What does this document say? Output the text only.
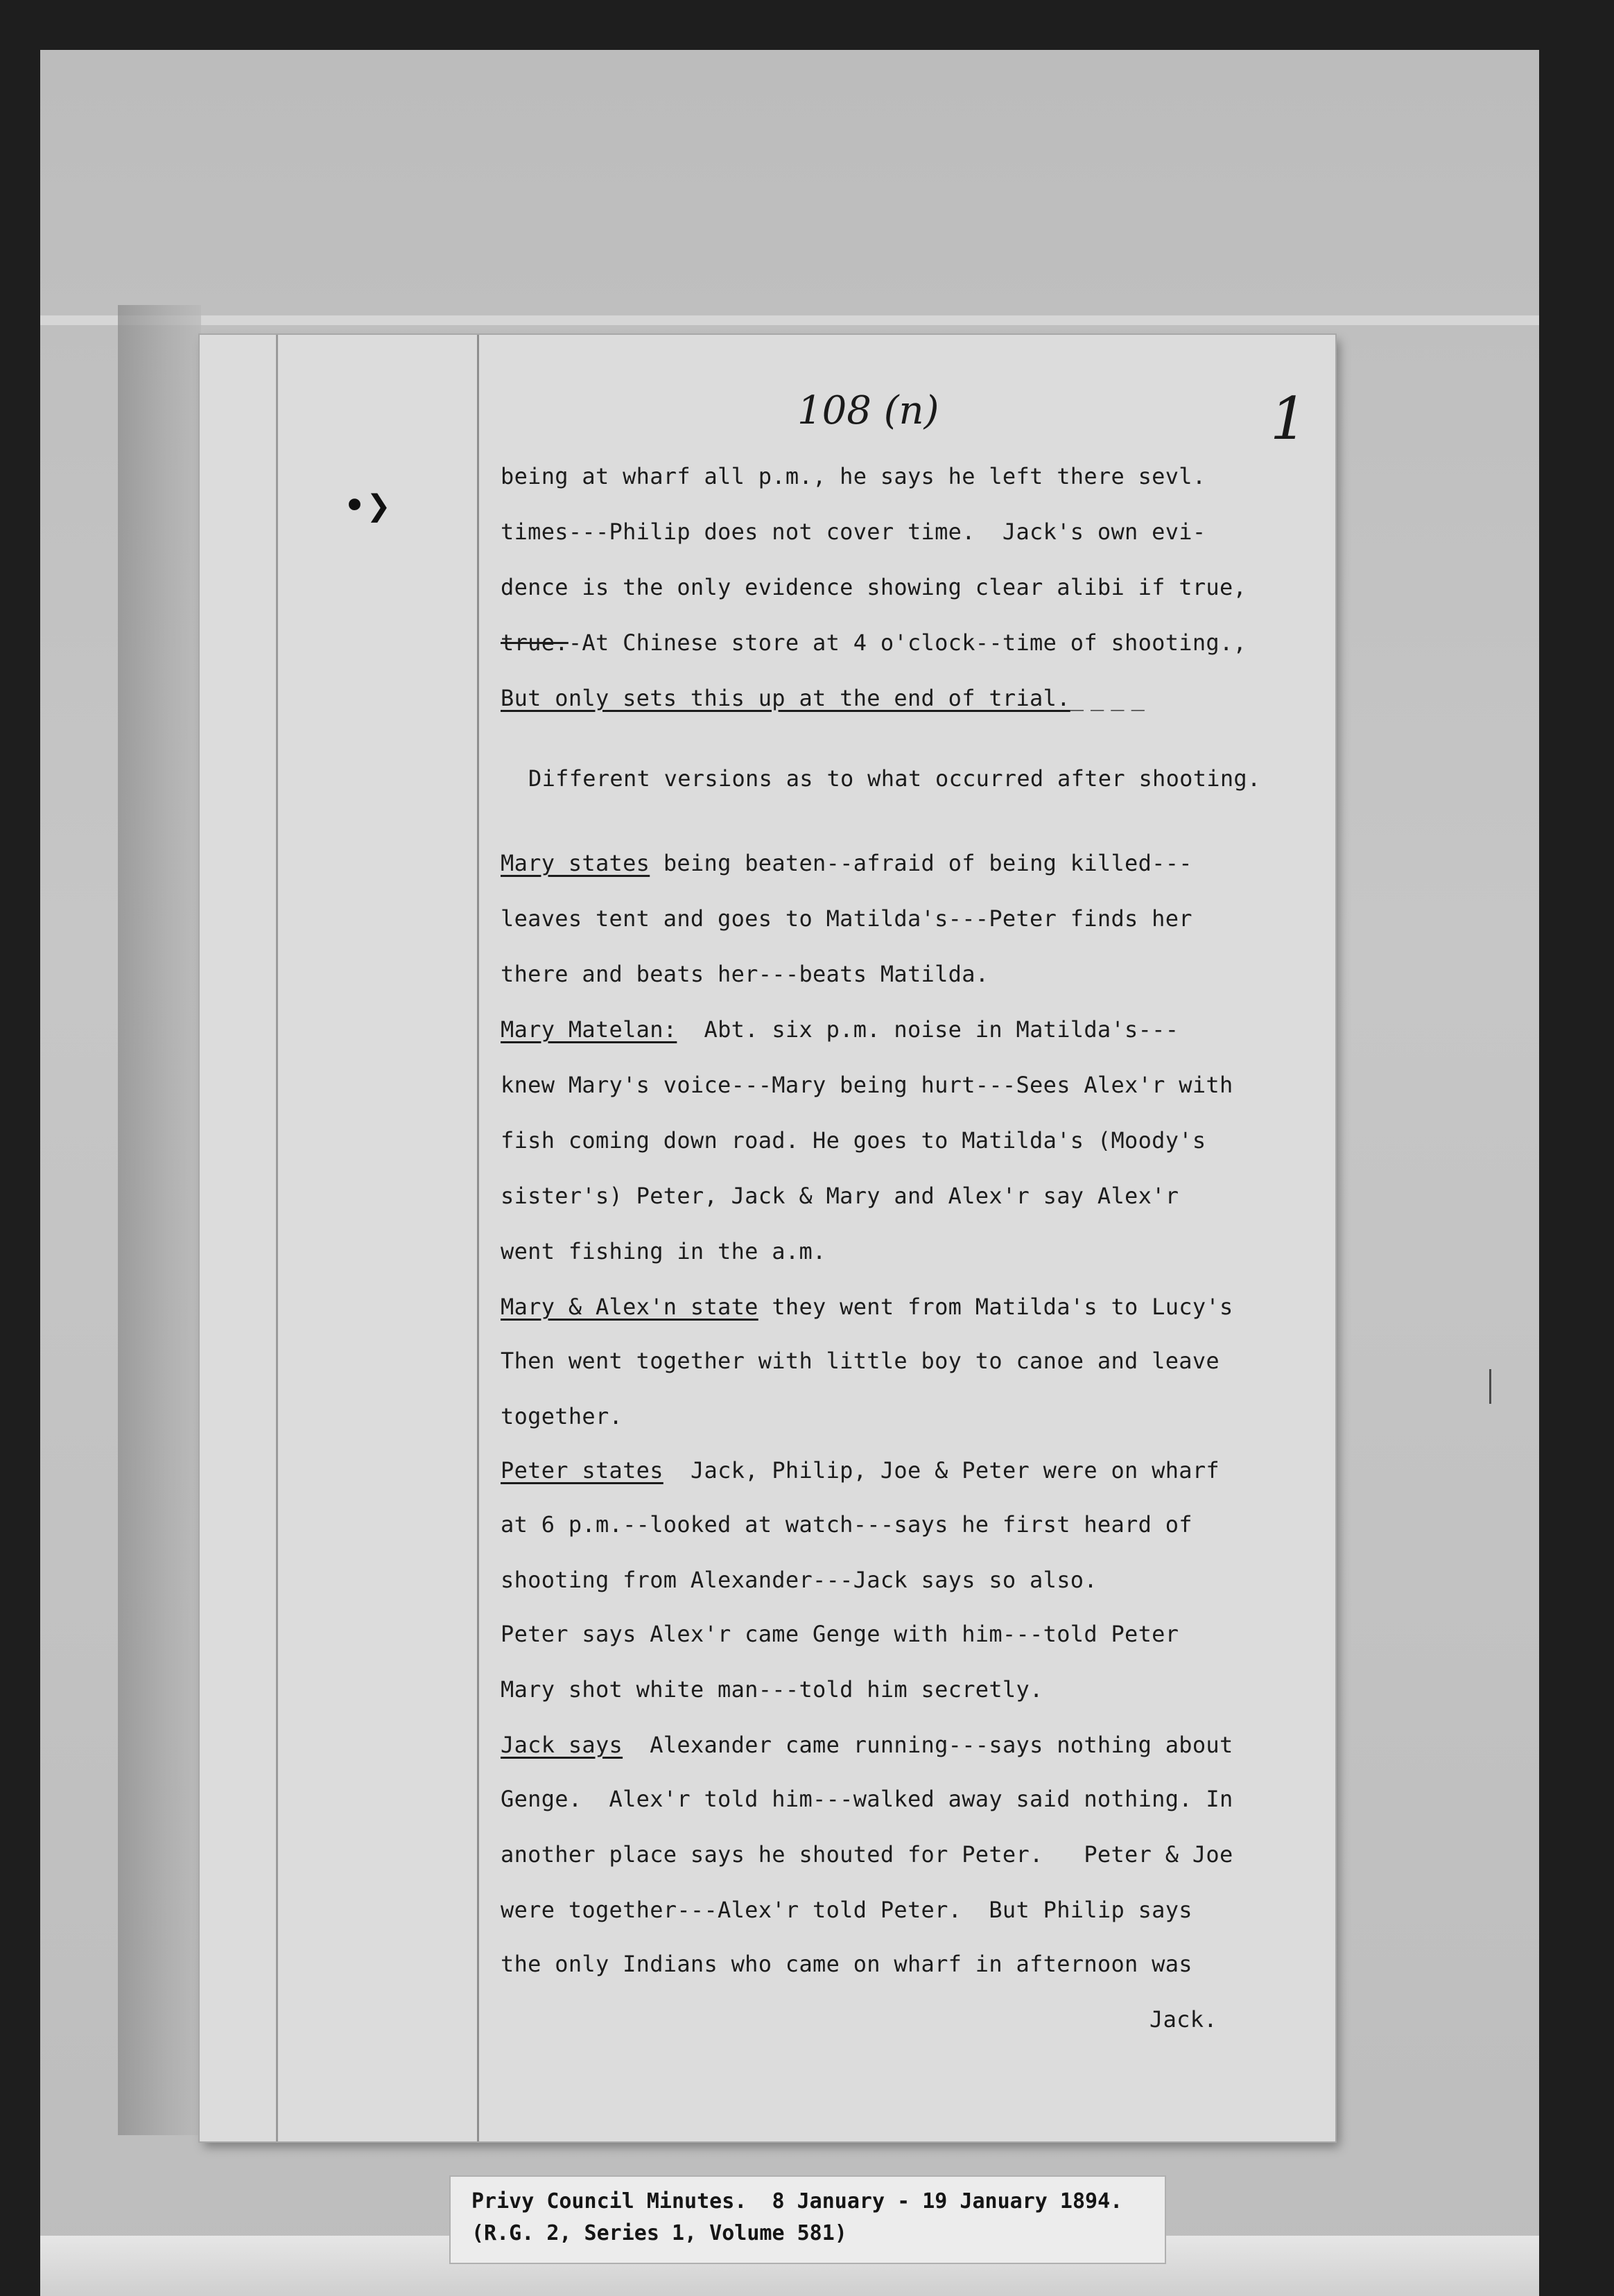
•❯
108 (n)	1
being at wharf all p.m., he says he left there sevl.
times---Philip does not cover time.  Jack's own evi-
dence is the only evidence showing clear alibi if true,
true.-At Chinese store at 4 o'clock--time of shooting.,
But only sets this up at the end of trial.____
Different versions as to what occurred after shooting.
Mary states being beaten--afraid of being killed---
leaves tent and goes to Matilda's---Peter finds her
there and beats her---beats Matilda.
Mary Matelan: Abt. six p.m. noise in Matilda's---
knew Mary's voice---Mary being hurt---Sees Alex'r with
fish coming down road. He goes to Matilda's (Moody's
sister's) Peter, Jack & Mary and Alex'r say Alex'r
went fishing in the a.m.
Mary & Alex'n state they went from Matilda's to Lucy's
Then went together with little boy to canoe and leave
together.
Peter states Jack, Philip, Joe & Peter were on wharf
at 6 p.m.--looked at watch---says he first heard of
shooting from Alexander---Jack says so also.
Peter says Alex'r came Genge with him---told Peter
Mary shot white man---told him secretly.
Jack says Alexander came running---says nothing about
Genge.  Alex'r told him---walked away said nothing. In
another place says he shouted for Peter.   Peter & Joe
were together---Alex'r told Peter.  But Philip says
the only Indians who came on wharf in afternoon was
Jack.
Privy Council Minutes.  8 January - 19 January 1894.
(R.G. 2, Series 1, Volume 581)
